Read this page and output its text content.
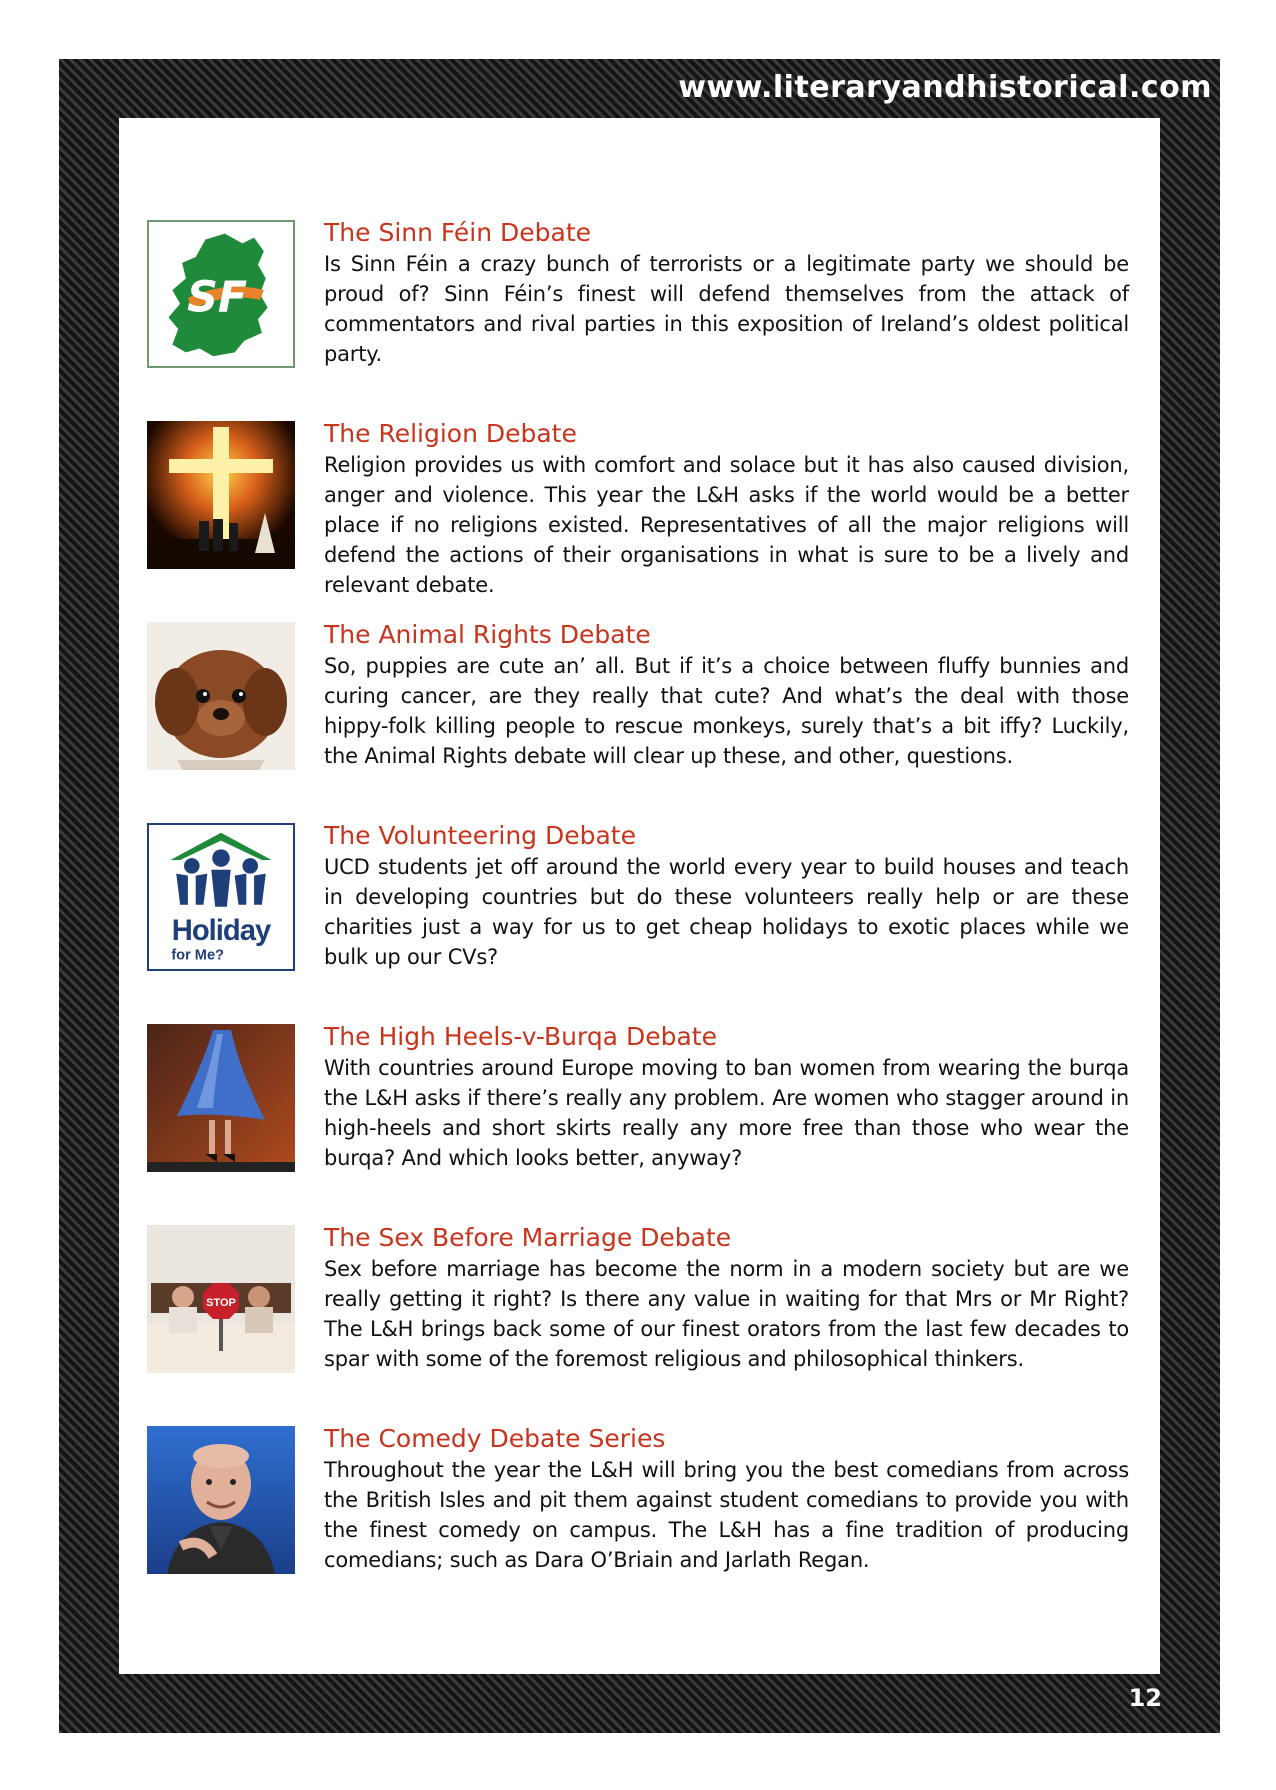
www.literaryandhistorical.com
12
SF
The Sinn Féin Debate

Is Sinn Féin a crazy bunch of terrorists or a legitimate party we should be proud of? Sinn Féin’s finest will defend themselves from the attack of commentators and rival parties in this exposition of Ireland’s oldest political party.

The Religion Debate

Religion provides us with comfort and solace but it has also caused division, anger and violence. This year the L&H asks if the world would be a better place if no religions existed. Representatives of all the major religions will defend the actions of their organisations in what is sure to be a lively and relevant debate.

The Animal Rights Debate

So, puppies are cute an’ all. But if it’s a choice between fluffy bunnies and curing cancer, are they really that cute? And what’s the deal with those hippy-folk killing people to rescue monkeys, surely that’s a bit iffy? Luckily, the Animal Rights debate will clear up these, and other, questions.

Holiday
for Me?
The Volunteering Debate

UCD students jet off around the world every year to build houses and teach in developing countries but do these volunteers really help or are these charities just a way for us to get cheap holidays to exotic places while we bulk up our CVs?

The High Heels-v-Burqa Debate

With countries around Europe moving to ban women from wearing the burqa the L&H asks if there’s really any problem. Are women who stagger around in high-heels and short skirts really any more free than those who wear the burqa? And which looks better, anyway?

STOP
The Sex Before Marriage Debate

Sex before marriage has become the norm in a modern society but are we really getting it right? Is there any value in waiting for that Mrs or Mr Right? The L&H brings back some of our finest orators from the last few decades to spar with some of the foremost religious and philosophical thinkers.

The Comedy Debate Series

Throughout the year the L&H will bring you the best comedians from across the British Isles and pit them against student comedians to provide you with the finest comedy on campus. The L&H has a fine tradition of producing comedians; such as Dara O’Briain and Jarlath Regan.
